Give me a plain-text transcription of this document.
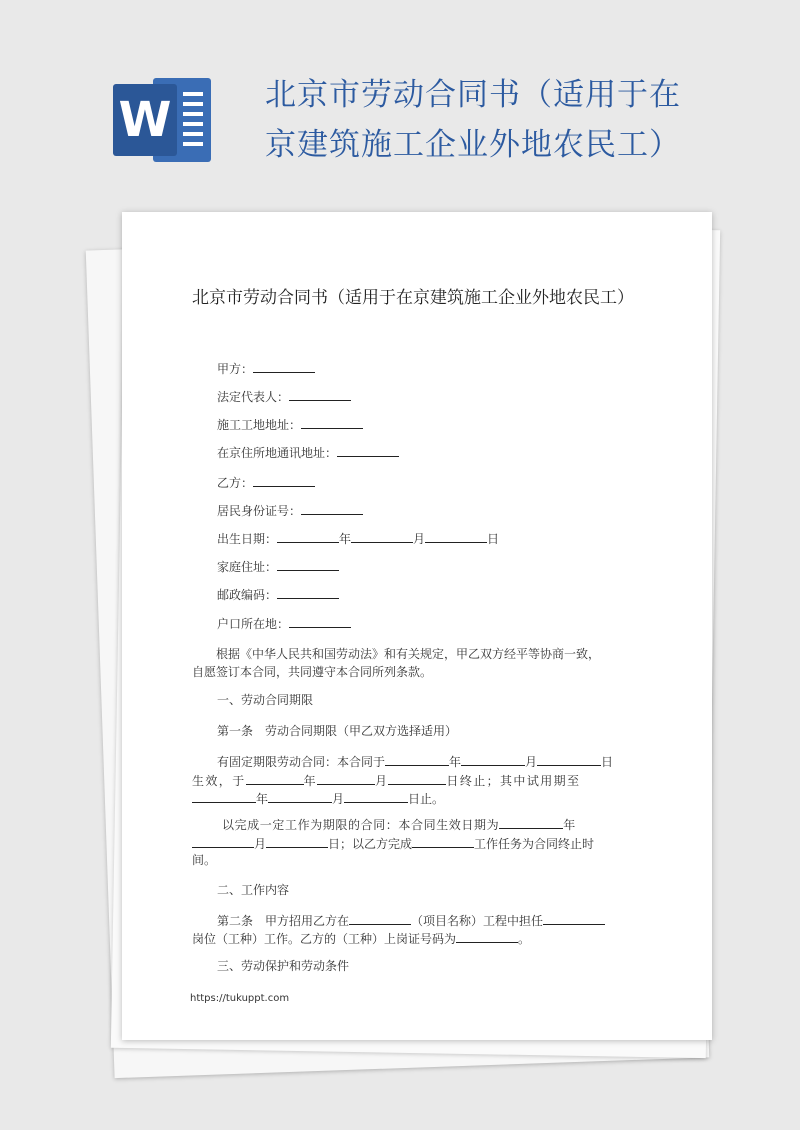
W	北京市劳动合同书（适用于在京建筑施工企业外地农民工）
北京市劳动合同书（适用于在京建筑施工企业外地农民工）
甲方：
法定代表人：
施工工地地址：
在京住所地通讯地址：
乙方：
居民身份证号：
出生日期：	年	月	日
家庭住址：
邮政编码：
户口所在地：
根据《中华人民共和国劳动法》和有关规定，甲乙双方经平等协商一致，
自愿签订本合同，共同遵守本合同所列条款。
一、劳动合同期限
第一条　劳动合同期限（甲乙双方选择适用）
有固定期限劳动合同：本合同于	年	月	日
生效，于	年	月	日终止；其中试用期至
年	月	日止。
以完成一定工作为期限的合同：本合同生效日期为	年
月	日；以乙方完成	工作任务为合同终止时
间。
二、工作内容
第二条　甲方招用乙方在	（项目名称）工程中担任
岗位（工种）工作。乙方的（工种）上岗证号码为	。
三、劳动保护和劳动条件
https://tukuppt.com
